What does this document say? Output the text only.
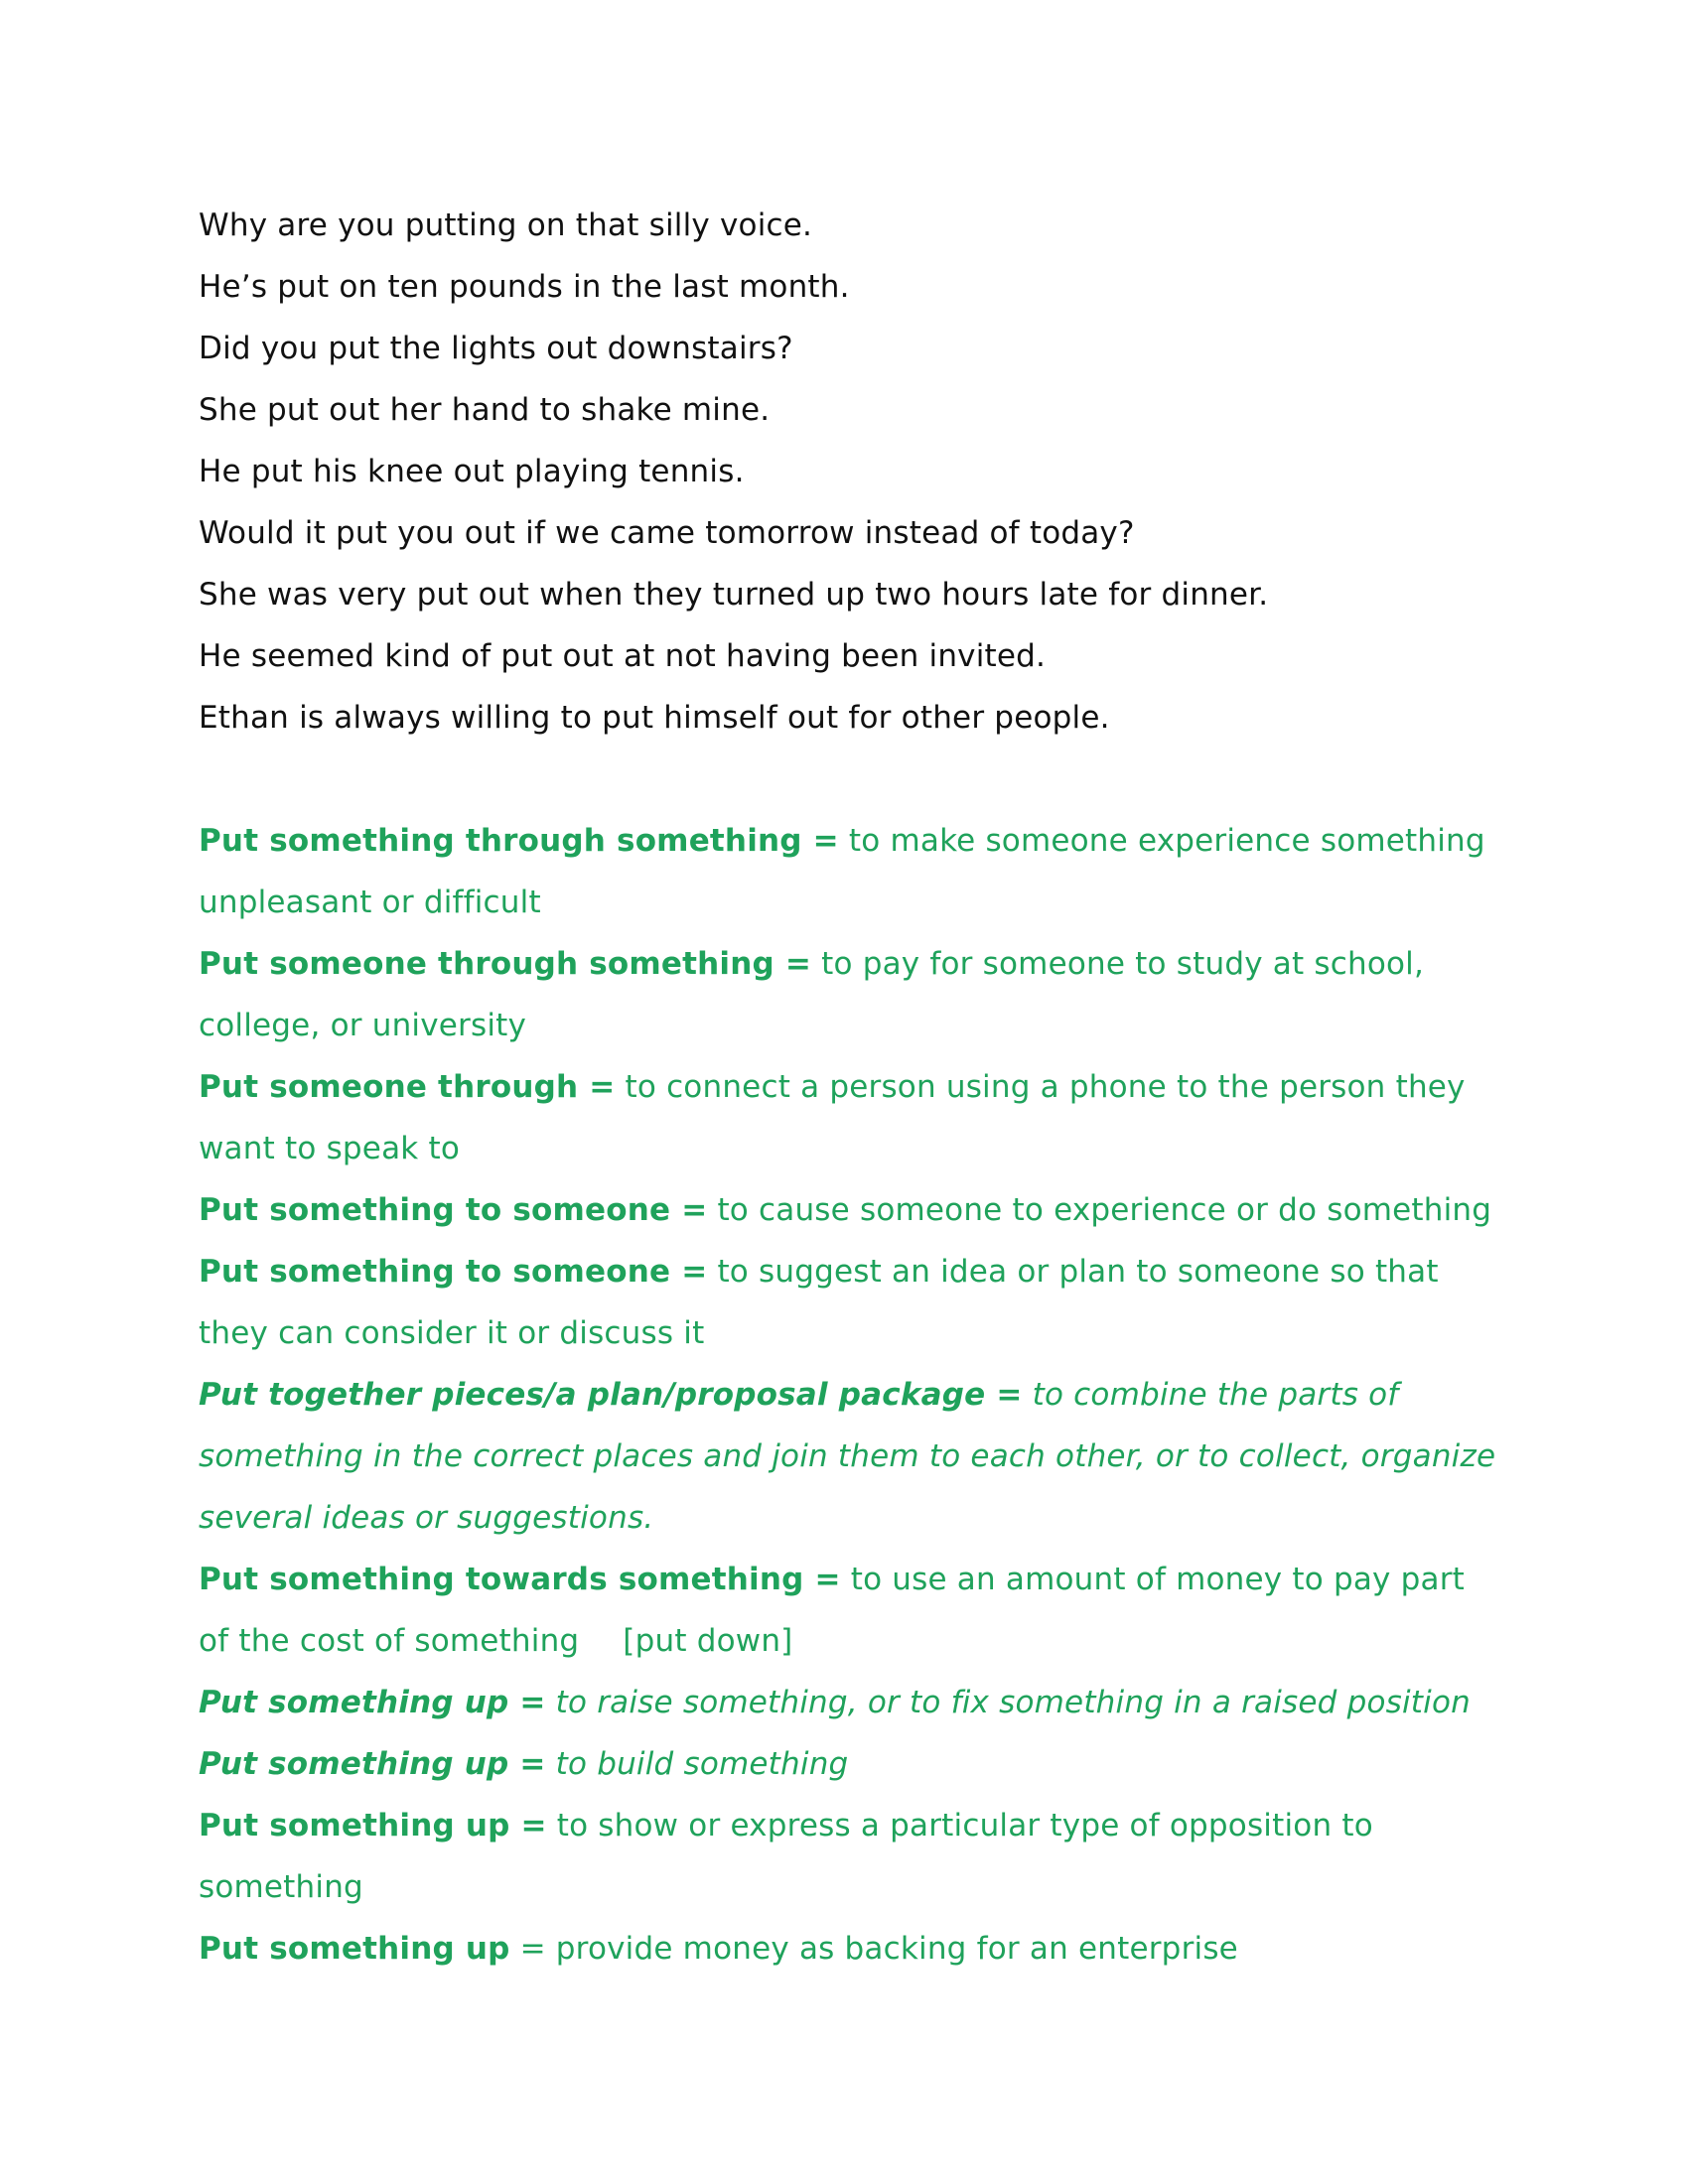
Why are you putting on that silly voice.
He’s put on ten pounds in the last month.
Did you put the lights out downstairs?
She put out her hand to shake mine.
He put his knee out playing tennis.
Would it put you out if we came tomorrow instead of today?
She was very put out when they turned up two hours late for dinner.
He seemed kind of put out at not having been invited.
Ethan is always willing to put himself out for other people.
Put something through something = to make someone experience something unpleasant or difficult
Put someone through something = to pay for someone to study at school, college, or university
Put someone through = to connect a person using a phone to the person they want to speak to
Put something to someone = to cause someone to experience or do something
Put something to someone = to suggest an idea or plan to someone so that they can consider it or discuss it
Put together pieces/a plan/proposal package = to combine the parts of something in the correct places and join them to each other, or to collect, organize several ideas or suggestions.
Put something towards something = to use an amount of money to pay part of the cost of something [put down]
Put something up = to raise something, or to fix something in a raised position
Put something up = to build something
Put something up = to show or express a particular type of opposition to something
Put something up = provide money as backing for an enterprise
